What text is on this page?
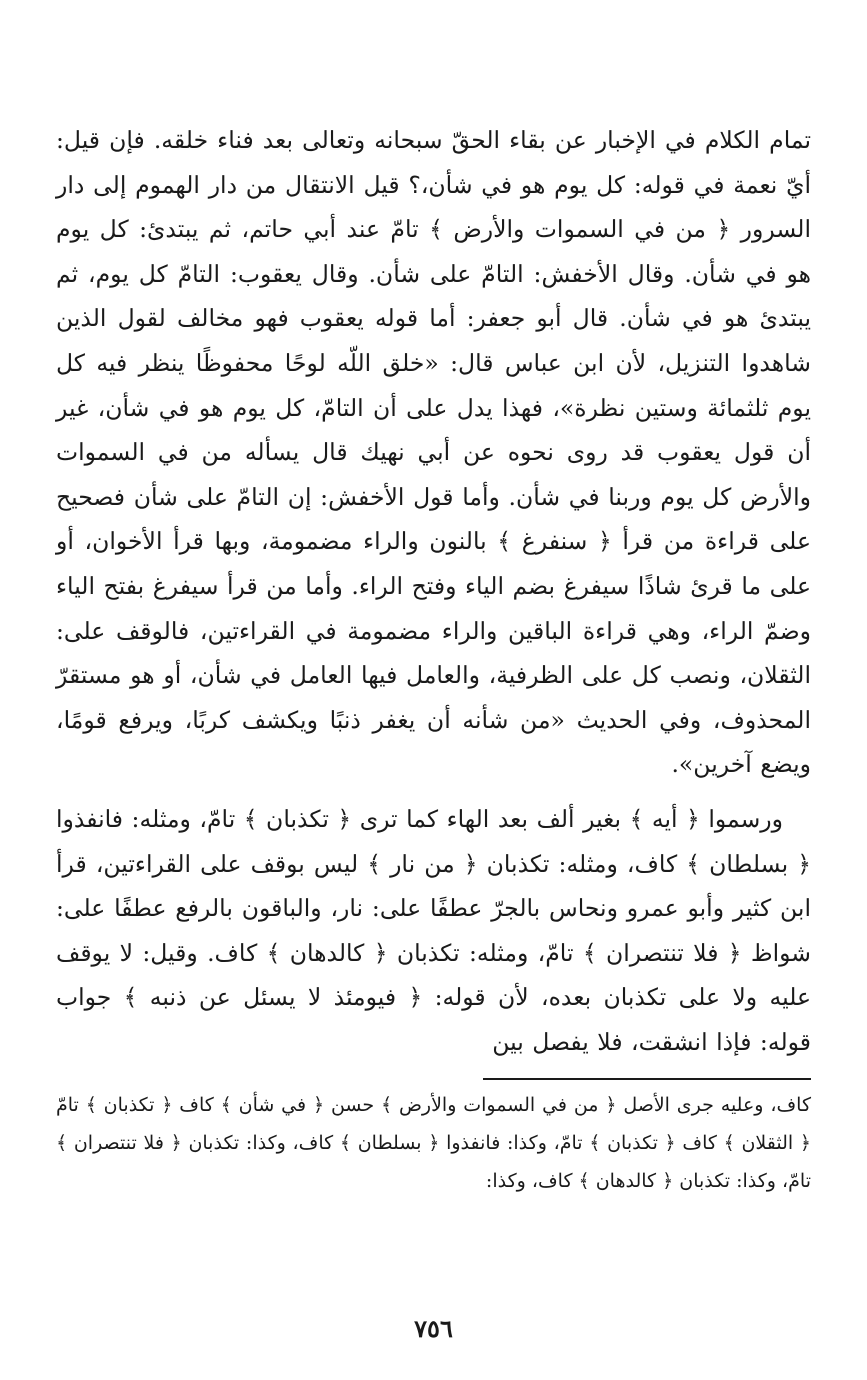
تمام الكلام في الإخبار عن بقاء الحقّ سبحانه وتعالى بعد فناء خلقه. فإن قيل: أيّ نعمة في قوله: كل يوم هو في شأن،؟ قيل الانتقال من دار الهموم إلى دار السرور ﴿ من في السموات والأرض ﴾ تامّ عند أبي حاتم، ثم يبتدئ: كل يوم هو في شأن. وقال الأخفش: التامّ على شأن. وقال يعقوب: التامّ كل يوم، ثم يبتدئ هو في شأن. قال أبو جعفر: أما قوله يعقوب فهو مخالف لقول الذين شاهدوا التنزيل، لأن ابن عباس قال: «خلق اللّه لوحًا محفوظًا ينظر فيه كل يوم ثلثمائة وستين نظرة»، فهذا يدل على أن التامّ، كل يوم هو في شأن، غير أن قول يعقوب قد روى نحوه عن أبي نهيك قال يسأله من في السموات والأرض كل يوم وربنا في شأن. وأما قول الأخفش: إن التامّ على شأن فصحيح على قراءة من قرأ ﴿ سنفرغ ﴾ بالنون والراء مضمومة، وبها قرأ الأخوان، أو على ما قرئ شاذًا سيفرغ بضم الياء وفتح الراء. وأما من قرأ سيفرغ بفتح الياء وضمّ الراء، وهي قراءة الباقين والراء مضمومة في القراءتين، فالوقف على: الثقلان، ونصب كل على الظرفية، والعامل فيها العامل في شأن، أو هو مستقرّ المحذوف، وفي الحديث «من شأنه أن يغفر ذنبًا ويكشف كربًا، ويرفع قومًا، ويضع آخرين».

ورسموا ﴿ أيه ﴾ بغير ألف بعد الهاء كما ترى ﴿ تكذبان ﴾ تامّ، ومثله: فانفذوا ﴿ بسلطان ﴾ كاف، ومثله: تكذبان ﴿ من نار ﴾ ليس بوقف على القراءتين، قرأ ابن كثير وأبو عمرو ونحاس بالجرّ عطفًا على: نار، والباقون بالرفع عطفًا على: شواظ ﴿ فلا تنتصران ﴾ تامّ، ومثله: تكذبان ﴿ كالدهان ﴾ كاف. وقيل: لا يوقف عليه ولا على تكذبان بعده، لأن قوله: ﴿ فيومئذ لا يسئل عن ذنبه ﴾ جواب قوله: فإذا انشقت، فلا يفصل بين

كاف، وعليه جرى الأصل ﴿ من في السموات والأرض ﴾ حسن ﴿ في شأن ﴾ كاف ﴿ تكذبان ﴾ تامّ ﴿ الثقلان ﴾ كاف ﴿ تكذبان ﴾ تامّ، وكذا: فانفذوا ﴿ بسلطان ﴾ كاف، وكذا: تكذبان ﴿ فلا تنتصران ﴾ تامّ، وكذا: تكذبان ﴿ كالدهان ﴾ كاف، وكذا:

٧٥٦
